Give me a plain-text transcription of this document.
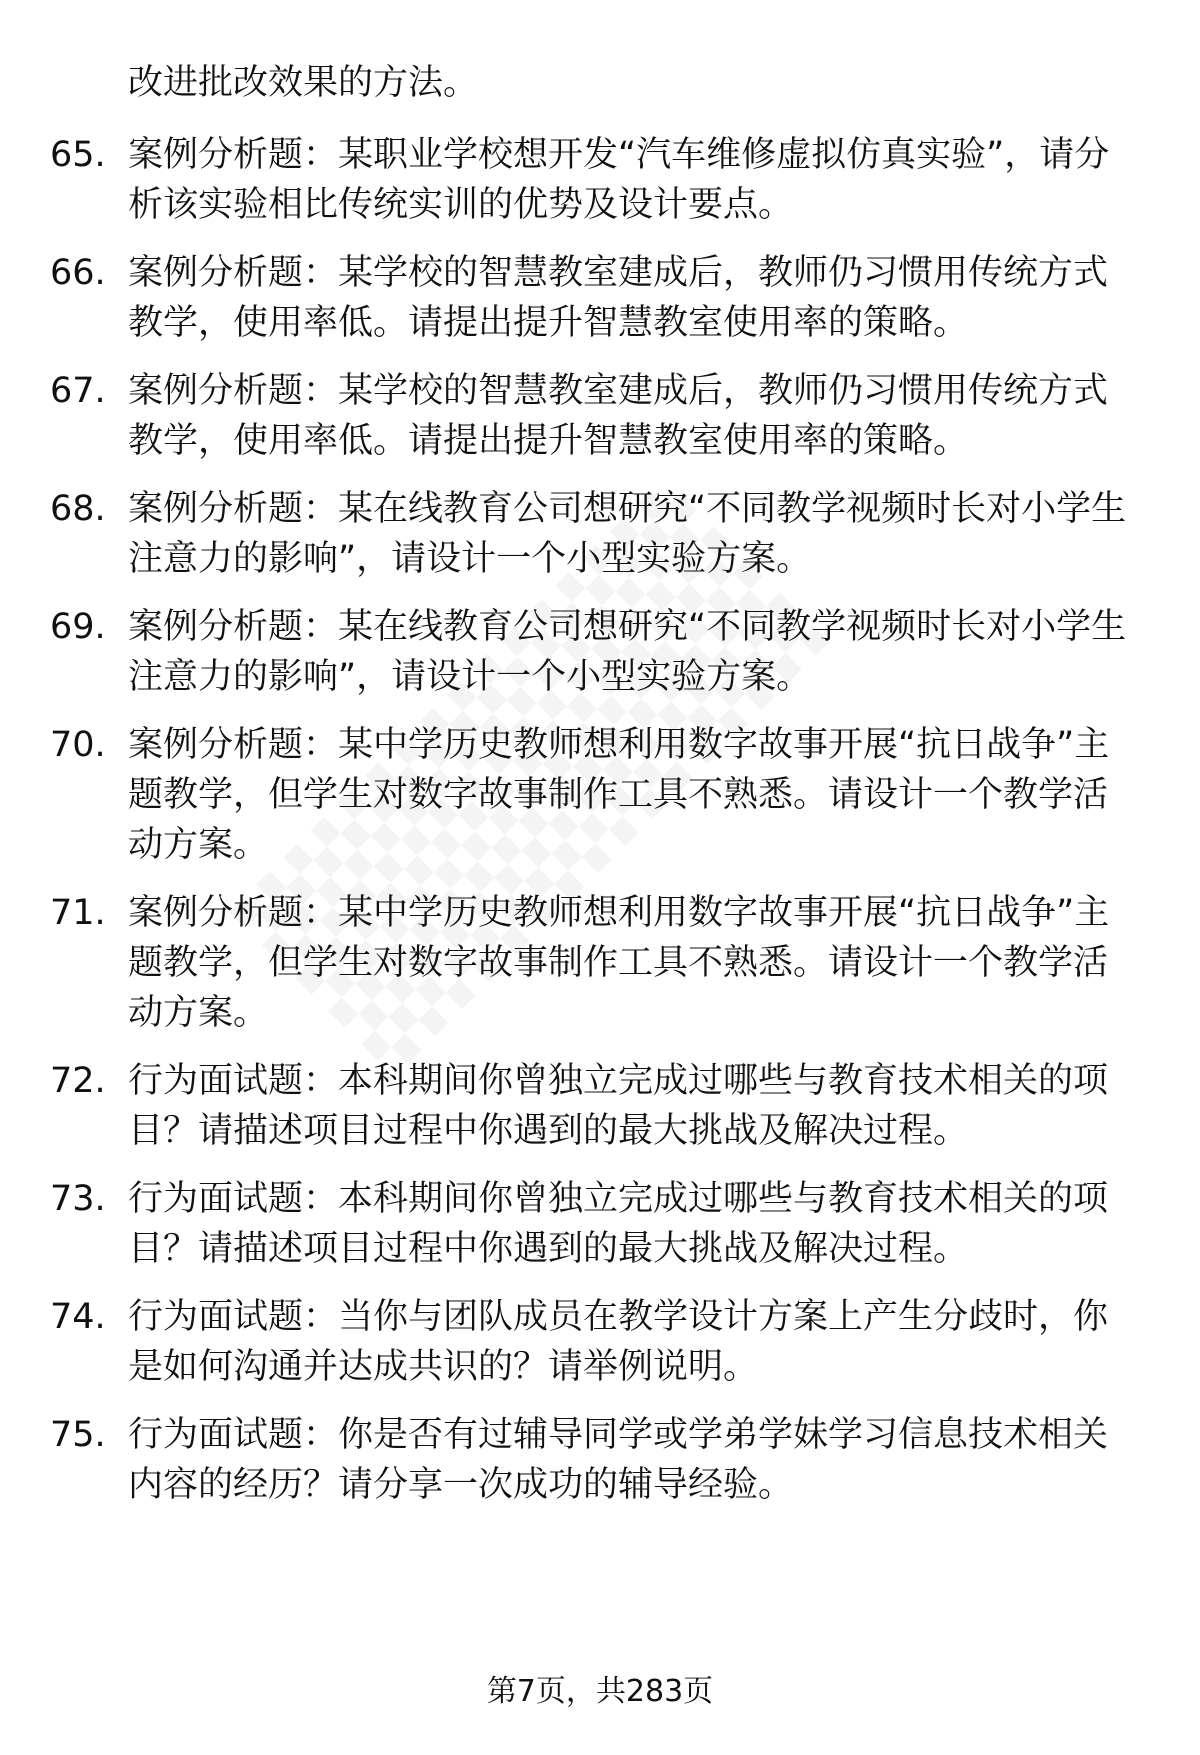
改进批改效果的方法。
65. 案例分析题：某职业学校想开发“汽车维修虚拟仿真实验”，请分析该实验相比传统实训的优势及设计要点。
66. 案例分析题：某学校的智慧教室建成后，教师仍习惯用传统方式教学，使用率低。请提出提升智慧教室使用率的策略。
67. 案例分析题：某学校的智慧教室建成后，教师仍习惯用传统方式教学，使用率低。请提出提升智慧教室使用率的策略。
68. 案例分析题：某在线教育公司想研究“不同教学视频时长对小学生注意力的影响”，请设计一个小型实验方案。
69. 案例分析题：某在线教育公司想研究“不同教学视频时长对小学生注意力的影响”，请设计一个小型实验方案。
70. 案例分析题：某中学历史教师想利用数字故事开展“抗日战争”主题教学，但学生对数字故事制作工具不熟悉。请设计一个教学活动方案。
71. 案例分析题：某中学历史教师想利用数字故事开展“抗日战争”主题教学，但学生对数字故事制作工具不熟悉。请设计一个教学活动方案。
72. 行为面试题：本科期间你曾独立完成过哪些与教育技术相关的项目？请描述项目过程中你遇到的最大挑战及解决过程。
73. 行为面试题：本科期间你曾独立完成过哪些与教育技术相关的项目？请描述项目过程中你遇到的最大挑战及解决过程。
74. 行为面试题：当你与团队成员在教学设计方案上产生分歧时，你是如何沟通并达成共识的？请举例说明。
75. 行为面试题：你是否有过辅导同学或学弟学妹学习信息技术相关内容的经历？请分享一次成功的辅导经验。
第7页，共283页
